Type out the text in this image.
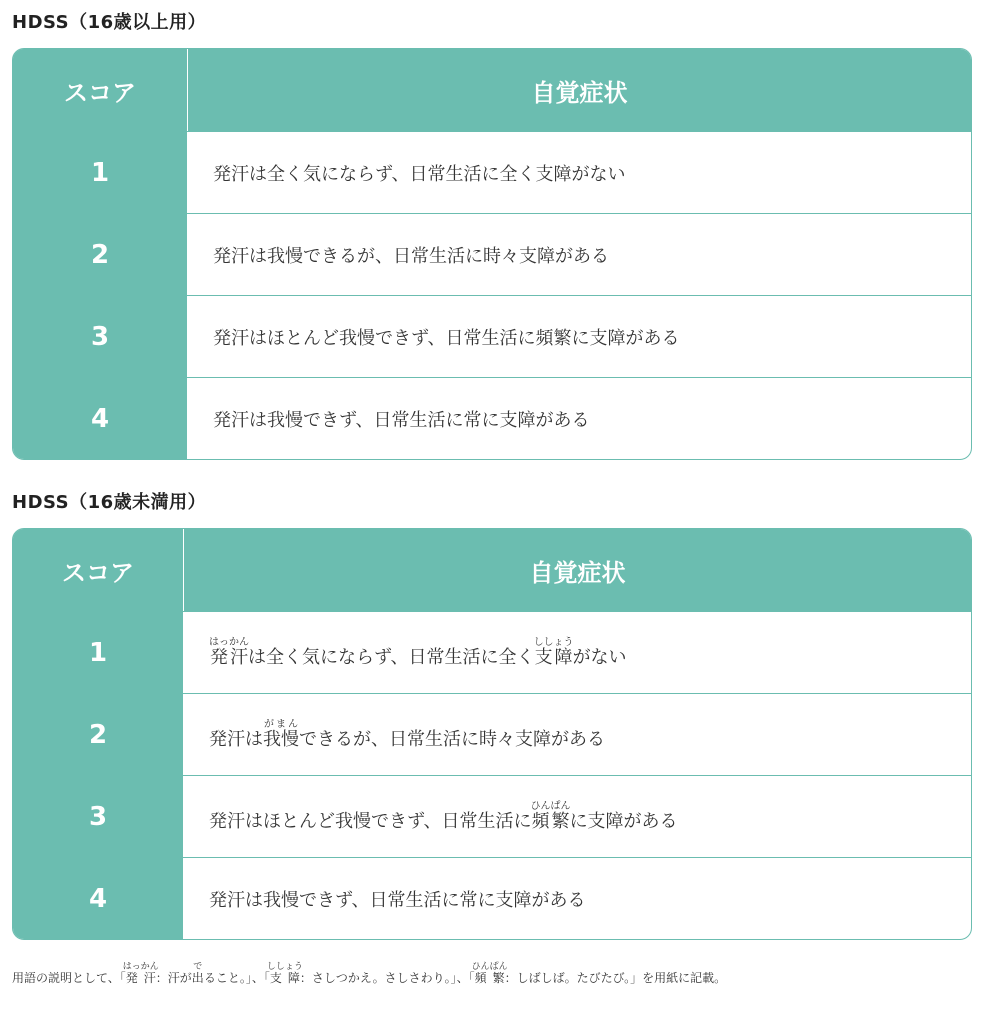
HDSS（16歳以上用）
スコア	自覚症状
1	発汗は全く気にならず、日常生活に全く支障がない
2	発汗は我慢できるが、日常生活に時々支障がある
3	発汗はほとんど我慢できず、日常生活に頻繁に支障がある
4	発汗は我慢できず、日常生活に常に支障がある
HDSS（16歳未満用）
スコア	自覚症状
1	発汗はっかんは全く気にならず、日常生活に全く支障ししょうがない
2	発汗は我慢がまんできるが、日常生活に時々支障がある
3	発汗はほとんど我慢できず、日常生活に頻繁ひんぱんに支障がある
4	発汗は我慢できず、日常生活に常に支障がある
用語の説明として、「発汗はっかん：汗が出でること。」、「支障ししょう：さしつかえ。さしさわり。」、「頻繁ひんぱん：しばしば。たびたび。」を用紙に記載。
